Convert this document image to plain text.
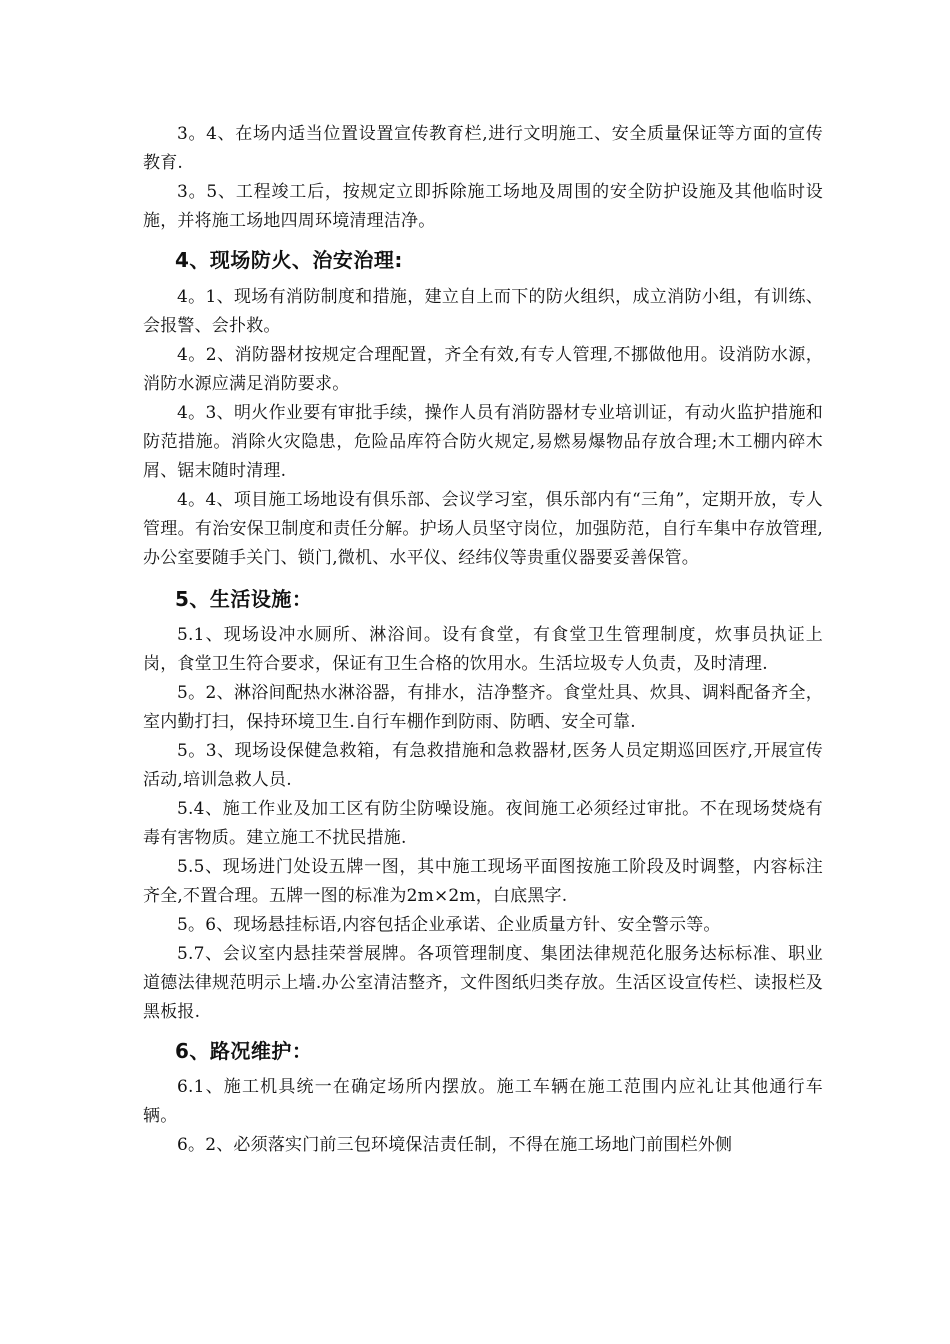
3。4、在场内适当位置设置宣传教育栏,进行文明施工、安全质量保证等方面的宣传教育.

3。5、工程竣工后，按规定立即拆除施工场地及周围的安全防护设施及其他临时设施，并将施工场地四周环境清理洁净。

4、现场防火、治安治理:

4。1、现场有消防制度和措施，建立自上而下的防火组织，成立消防小组，有训练、会报警、会扑救。

4。2、消防器材按规定合理配置，齐全有效,有专人管理,不挪做他用。设消防水源，消防水源应满足消防要求。

4。3、明火作业要有审批手续，操作人员有消防器材专业培训证，有动火监护措施和防范措施。消除火灾隐患，危险品库符合防火规定,易燃易爆物品存放合理;木工棚内碎木屑、锯末随时清理.

4。4、项目施工场地设有俱乐部、会议学习室，俱乐部内有“三角”，定期开放，专人管理。有治安保卫制度和责任分解。护场人员坚守岗位，加强防范，自行车集中存放管理,办公室要随手关门、锁门,微机、水平仪、经纬仪等贵重仪器要妥善保管。

5、生活设施：

5.1、现场设冲水厕所、淋浴间。设有食堂，有食堂卫生管理制度，炊事员执证上岗，食堂卫生符合要求，保证有卫生合格的饮用水。生活垃圾专人负责，及时清理.

5。2、淋浴间配热水淋浴器，有排水，洁净整齐。食堂灶具、炊具、调料配备齐全，室内勤打扫，保持环境卫生.自行车棚作到防雨、防晒、安全可靠.

5。3、现场设保健急救箱，有急救措施和急救器材,医务人员定期巡回医疗,开展宣传活动,培训急救人员.

5.4、施工作业及加工区有防尘防噪设施。夜间施工必须经过审批。不在现场焚烧有毒有害物质。建立施工不扰民措施.

5.5、现场进门处设五牌一图，其中施工现场平面图按施工阶段及时调整，内容标注齐全,不置合理。五牌一图的标准为2m×2m，白底黑字.

5。6、现场悬挂标语,内容包括企业承诺、企业质量方针、安全警示等。

5.7、会议室内悬挂荣誉展牌。各项管理制度、集团法律规范化服务达标标准、职业道德法律规范明示上墙.办公室清洁整齐，文件图纸归类存放。生活区设宣传栏、读报栏及黑板报.

6、路况维护：

6.1、施工机具统一在确定场所内摆放。施工车辆在施工范围内应礼让其他通行车辆。

6。2、必须落实门前三包环境保洁责任制，不得在施工场地门前围栏外侧
